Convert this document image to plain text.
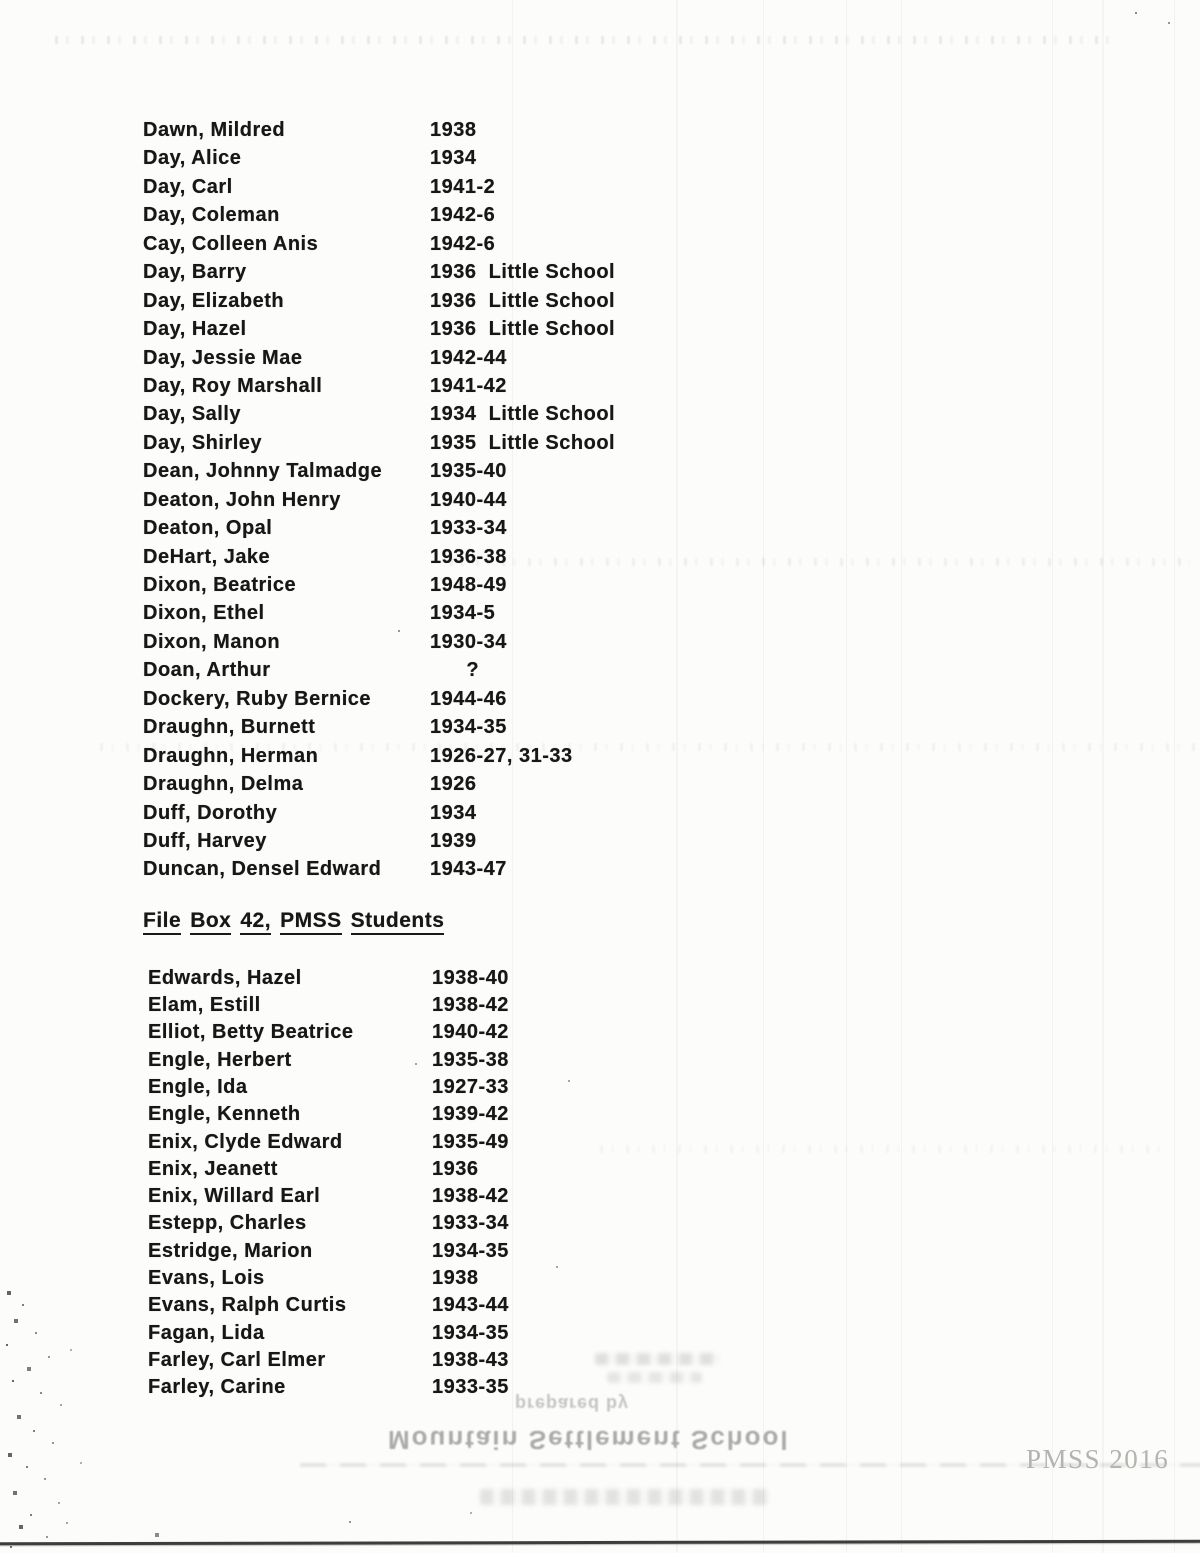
Dawn, Mildred	1938
Day, Alice	1934
Day, Carl	1941-2
Day, Coleman	1942-6
Cay, Colleen Anis	1942-6
Day, Barry	1936  Little School
Day, Elizabeth	1936  Little School
Day, Hazel	1936  Little School
Day, Jessie Mae	1942-44
Day, Roy Marshall	1941-42
Day, Sally	1934  Little School
Day, Shirley	1935  Little School
Dean, Johnny Talmadge	1935-40
Deaton, John Henry	1940-44
Deaton, Opal	1933-34
DeHart, Jake	1936-38
Dixon, Beatrice	1948-49
Dixon, Ethel	1934-5
Dixon, Manon	1930-34
Doan, Arthur	?
Dockery, Ruby Bernice	1944-46
Draughn, Burnett	1934-35
Draughn, Herman	1926-27, 31-33
Draughn, Delma	1926
Duff, Dorothy	1934
Duff, Harvey	1939
Duncan, Densel Edward	1943-47
File Box 42, PMSS Students
Edwards, Hazel	1938-40
Elam, Estill	1938-42
Elliot, Betty Beatrice	1940-42
Engle, Herbert	1935-38
Engle, Ida	1927-33
Engle, Kenneth	1939-42
Enix, Clyde Edward	1935-49
Enix, Jeanett	1936
Enix, Willard Earl	1938-42
Estepp, Charles	1933-34
Estridge, Marion	1934-35
Evans, Lois	1938
Evans, Ralph Curtis	1943-44
Fagan, Lida	1934-35
Farley, Carl Elmer	1938-43
Farley, Carine	1933-35
prepared by
Mountain Settlement School
PMSS 2016
